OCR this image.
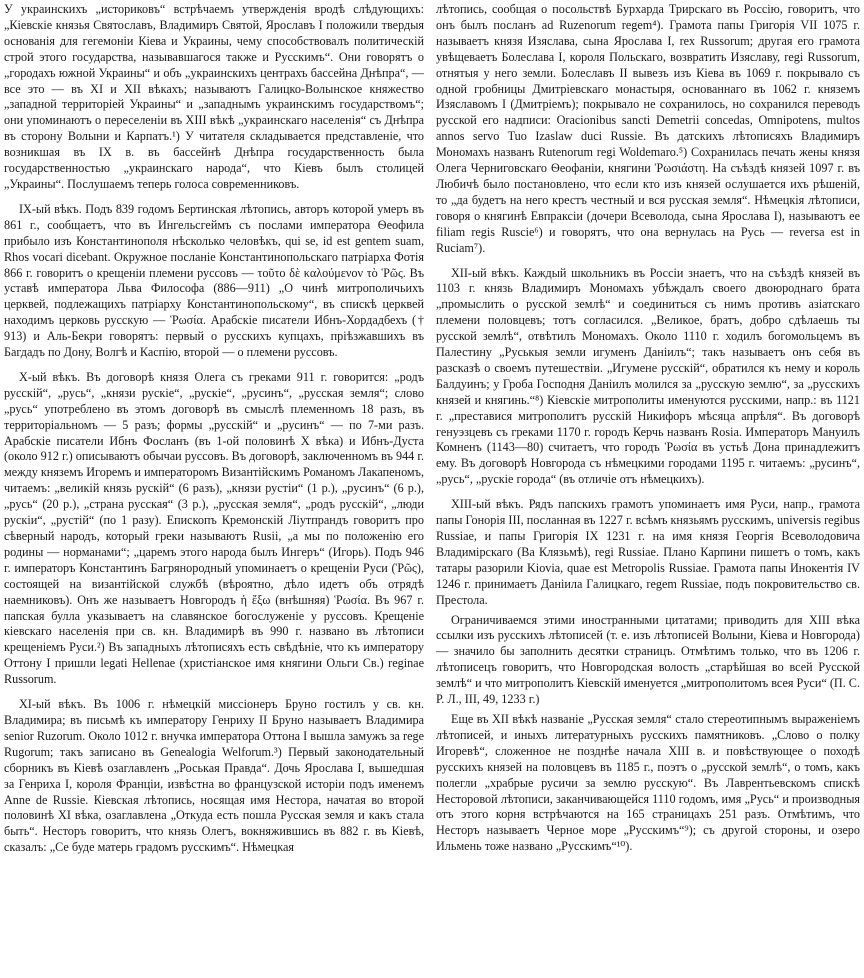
У украинскихъ „историковъ“ встрѣчаемъ утвержденія вродѣ слѣдующихъ: „Кіевскіе князья Святославъ, Владимиръ Святой, Ярославъ I положили твердыя основанія для гегемоніи Кіева и Украины, чему способствовалъ политическій строй этого государства, называвшагося также и Русскимъ“. Они говорятъ о „городахъ южной Украины“ и объ „украинскихъ центрахъ бассейна Днѣпра“, — все это — въ XI и XII вѣкахъ; называютъ Галицко-Волынское княжество „западной территоріей Украины“ и „западнымъ украинскимъ государствомъ“; они упоминаютъ о переселеніи въ XIII вѣкѣ „украинскаго населенія“ съ Днѣпра въ сторону Волыни и Карпатъ.¹) У читателя складывается представленіе, что возникшая въ IX в. въ бассейнѣ Днѣпра государственность была государственностью „украинскаго народа“, что Кіевъ былъ столицей „Украины“. Послушаемъ теперь голоса современниковъ.

IX-ый вѣкъ. Подъ 839 годомъ Бертинская лѣтопись, авторъ которой умеръ въ 861 г., сообщаетъ, что въ Ингельсгеймъ съ послами императора Ѳеофила прибыло изъ Константинополя нѣсколько человѣкъ, qui se, id est gentem suam, Rhos vocari dicebant. Окружное посланіе Константинопольскаго патріарха Фотія 866 г. говоритъ о крещеніи племени руссовъ — τοῦτο δὲ καλούμενον τὸ Ῥῶς. Въ уставѣ императора Льва Философа (886—911) „О чинѣ митрополичьихъ церквей, подлежащихъ патріарху Константинопольскому“, въ спискѣ церквей находимъ церковь русскую — Ῥωσία. Арабскіе писатели Ибнъ-Хордадбехъ († 913) и Аль-Бекри говорятъ: первый о русскихъ купцахъ, пріѣзжавшихъ въ Багдадъ по Дону, Волгѣ и Каспію, второй — о племени руссовъ.

X-ый вѣкъ. Въ договорѣ князя Олега съ греками 911 г. говорится: „родъ русскій“, „русь“, „князи рускіе“, „рускіе“, „русинъ“, „русская земля“; слово „русь“ употреблено въ этомъ договорѣ въ смыслѣ племенномъ 18 разъ, въ территоріальномъ — 5 разъ; формы „русскій“ и „русинъ“ — по 7-ми разъ. Арабскіе писатели Ибнъ Фосланъ (въ 1-ой половинѣ X вѣка) и Ибнъ-Дуста (около 912 г.) описываютъ обычаи руссовъ. Въ договорѣ, заключенномъ въ 944 г. между княземъ Игоремъ и императоромъ Византійскимъ Романомъ Лакапеномъ, читаемъ: „великій князь рускій“ (6 разъ), „князи рустіи“ (1 р.), „русинъ“ (6 р.), „русь“ (20 р.), „страна русская“ (3 р.), „русская земля“, „родъ русскій“, „люди рускіи“, „рустій“ (по 1 разу). Епископъ Кремонскій Ліутпрандъ говоритъ про сѣверный народъ, который греки называютъ Rusii, „а мы по положенію его родины — норманами“; „царемъ этого народа былъ Ингеръ“ (Игорь). Подъ 946 г. императоръ Константинъ Багрянородный упоминаетъ о крещеніи Руси (Ῥῶς), состоящей на византійской службѣ (вѣроятно, дѣло идетъ объ отрядѣ наемниковъ). Онъ же называетъ Новгородъ ἡ ἔξω (внѣшняя) Ῥωσία. Въ 967 г. папская булла указываетъ на славянское богослуженіе у руссовъ. Крещеніе кіевскаго населенія при св. кн. Владимирѣ въ 990 г. названо въ лѣтописи крещеніемъ Руси.²) Въ западныхъ лѣтописяхъ есть свѣдѣніе, что къ императору Оттону I пришли legati Hellenae (христіанское имя княгини Ольги Св.) reginae Russorum.

XI-ый вѣкъ. Въ 1006 г. нѣмецкій миссіонеръ Бруно гостилъ у св. кн. Владимира; въ письмѣ къ императору Генриху II Бруно называетъ Владимира senior Ruzorum. Около 1012 г. внучка императора Оттона I вышла замужъ за rege Rugorum; такъ записано въ Genealogia Welforum.³) Первый законодательный сборникъ въ Кіевѣ озаглавленъ „Роськая Правда“. Дочь Ярослава I, вышедшая за Генриха I, короля Франціи, извѣстна во французской исторіи подъ именемъ Anne de Russie. Кіевская лѣтопись, носящая имя Нестора, начатая во второй половинѣ XI вѣка, озаглавлена „Откуда есть пошла Русская земля и какъ стала быть“. Несторъ говоритъ, что князь Олегъ, вокняжившись въ 882 г. въ Кіевѣ, сказалъ: „Се буде матерь градомъ русскимъ“. Нѣмецкая

лѣтопись, сообщая о посольствѣ Бурхарда Трирскаго въ Россію, говоритъ, что онъ былъ посланъ ad Ruzenorum regem⁴). Грамота папы Григорія VII 1075 г. называетъ князя Изяслава, сына Ярослава I, rex Russorum; другая его грамота увѣщеваетъ Болеслава I, короля Польскаго, возвратить Изяславу, regi Russorum, отнятыя у него земли. Болеславъ II вывезъ изъ Кіева въ 1069 г. покрывало съ одной гробницы Дмитріевскаго монастыря, основаннаго въ 1062 г. княземъ Изяславомъ I (Дмитріемъ); покрывало не сохранилось, но сохранился переводъ русской его надписи: Oracionibus sancti Demetrii concedas, Omnipotens, multos annos servo Tuo Izaslaw duci Russie. Въ датскихъ лѣтописяхъ Владимиръ Мономахъ названъ Rutenorum regi Woldemaro.⁵) Сохранилась печать жены князя Олега Черниговскаго Ѳеофаніи, княгини Ῥωσιάστη. На съѣздѣ князей 1097 г. въ Любичѣ было постановлено, что если кто изъ князей ослушается ихъ рѣшеній, то „да будетъ на него крестъ честный и вся русская земля“. Нѣмецкія лѣтописи, говоря о княгинѣ Евпраксіи (дочери Всеволода, сына Ярослава I), называютъ ее filiam regis Ruscie⁶) и говорятъ, что она вернулась на Русь — reversa est in Ruciam⁷).

XII-ый вѣкъ. Каждый школьникъ въ Россіи знаетъ, что на съѣздѣ князей въ 1103 г. князь Владимиръ Мономахъ убѣждалъ своего двоюроднаго брата „промыслить о русской землѣ“ и соединиться съ нимъ противъ азіатскаго племени половцевъ; тотъ согласился. „Великое, братъ, добро сдѣлаешь ты русской землѣ“, отвѣтилъ Мономахъ. Около 1110 г. ходилъ богомольцемъ въ Палестину „Руськыя земли игуменъ Даніилъ“; такъ называетъ онъ себя въ разсказѣ о своемъ путешествіи. „Игумене русскій“, обратился къ нему и король Балдуинъ; у Гроба Господня Даніилъ молился за „русскую землю“, за „русскихъ князей и княгинь.“⁸) Кіевскіе митрополиты именуются русскими, напр.: въ 1121 г. „преставися митрополитъ русскій Никифоръ мѣсяца апрѣля“. Въ договорѣ генуэзцевъ съ греками 1170 г. городъ Керчь названъ Rosia. Императоръ Мануилъ Комненъ (1143—80) считаетъ, что городъ Ῥωσία въ устьѣ Дона принадлежитъ ему. Въ договорѣ Новгорода съ нѣмецкими городами 1195 г. читаемъ: „русинъ“, „русь“, „рускіе города“ (въ отличіе отъ нѣмецкихъ).

XIII-ый вѣкъ. Рядъ папскихъ грамотъ упоминаетъ имя Руси, напр., грамота папы Гонорія III, посланная въ 1227 г. всѣмъ князьямъ русскимъ, universis regibus Russiae, и папы Григорія IX 1231 г. на имя князя Георгія Всеволодовича Владимірскаго (Ва Клязьмѣ), regi Russiae. Плано Карпини пишетъ о томъ, какъ татары разорили Kiovia, quae est Metropolis Russiae. Грамота папы Инокентія IV 1246 г. принимаетъ Даніила Галицкаго, regem Russiae, подъ покровительство св. Престола.

Ограничиваемся этими иностранными цитатами; приводить для XIII вѣка ссылки изъ русскихъ лѣтописей (т. е. изъ лѣтописей Волыни, Кіева и Новгорода) — значило бы заполнить десятки страницъ. Отмѣтимъ только, что въ 1206 г. лѣтописецъ говоритъ, что Новгородская волость „старѣйшая во всей Русской землѣ“ и что митрополитъ Кіевскій именуется „митрополитомъ всея Руси“ (П. С. Р. Л., III, 49, 1233 г.)

Еще въ XII вѣкѣ названіе „Русская земля“ стало стереотипнымъ выраженіемъ лѣтописей, и иныхъ литературныхъ русскихъ памятниковъ. „Слово о полку Игоревѣ“, сложенное не позднѣе начала XIII в. и повѣствующее о походѣ русскихъ князей на половцевъ въ 1185 г., поэтъ о „русской землѣ“, о томъ, какъ полегли „храбрые русичи за землю русскую“. Въ Лаврентьевскомъ спискѣ Несторовой лѣтописи, заканчивающейся 1110 годомъ, имя „Русь“ и производныя отъ этого корня встрѣчаются на 165 страницахъ 251 разъ. Отмѣтимъ, что Несторъ называетъ Черное море „Русскимъ“⁹); съ другой стороны, и озеро Ильмень тоже названо „Русскимъ“¹⁰).
